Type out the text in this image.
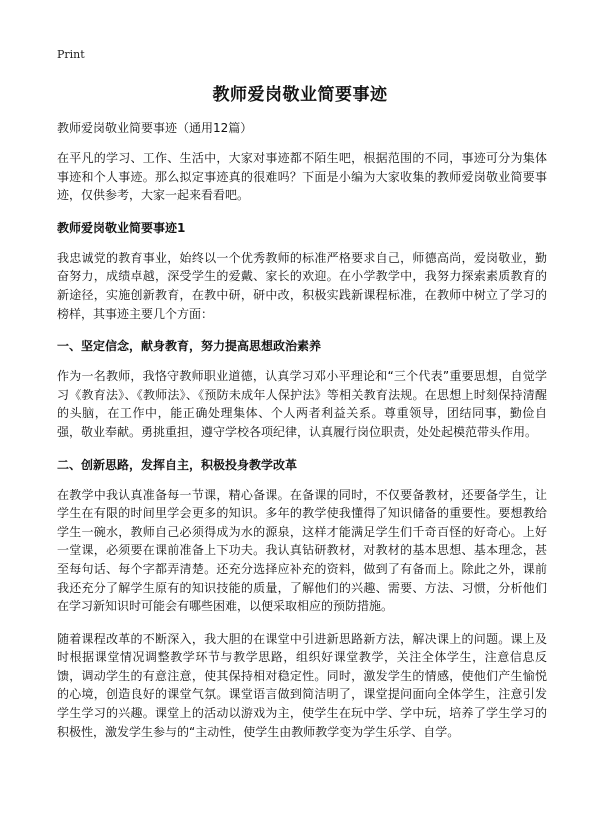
Print
教师爱岗敬业简要事迹

教师爱岗敬业简要事迹（通用12篇）

在平凡的学习、工作、生活中，大家对事迹都不陌生吧，根据范围的不同，事迹可分为集体事迹和个人事迹。那么拟定事迹真的很难吗？下面是小编为大家收集的教师爱岗敬业简要事迹，仅供参考，大家一起来看看吧。

教师爱岗敬业简要事迹1

我忠诚党的教育事业，始终以一个优秀教师的标准严格要求自己，师德高尚，爱岗敬业，勤奋努力，成绩卓越，深受学生的爱戴、家长的欢迎。在小学教学中，我努力探索素质教育的新途径，实施创新教育，在教中研，研中改，积极实践新课程标准，在教师中树立了学习的榜样，其事迹主要几个方面：

一、坚定信念，献身教育，努力提高思想政治素养

作为一名教师，我恪守教师职业道德，认真学习邓小平理论和“三个代表”重要思想，自觉学习《教育法》、《教师法》、《预防未成年人保护法》等相关教育法规。在思想上时刻保持清醒的头脑，在工作中，能正确处理集体、个人两者利益关系。尊重领导，团结同事，勤俭自强，敬业奉献。勇挑重担，遵守学校各项纪律，认真履行岗位职责，处处起模范带头作用。

二、创新思路，发挥自主，积极投身教学改革

在教学中我认真准备每一节课，精心备课。在备课的同时，不仅要备教材，还要备学生，让学生在有限的时间里学会更多的知识。多年的教学使我懂得了知识储备的重要性。要想教给学生一碗水，教师自己必须得成为水的源泉，这样才能满足学生们千奇百怪的好奇心。上好一堂课，必须要在课前准备上下功夫。我认真钻研教材，对教材的基本思想、基本理念，甚至每句话、每个字都弄清楚。还充分选择应补充的资料，做到了有备而上。除此之外，课前我还充分了解学生原有的知识技能的质量，了解他们的兴趣、需要、方法、习惯，分析他们在学习新知识时可能会有哪些困难，以便采取相应的预防措施。

随着课程改革的不断深入，我大胆的在课堂中引进新思路新方法，解决课上的问题。课上及时根据课堂情况调整教学环节与教学思路，组织好课堂教学，关注全体学生，注意信息反馈，调动学生的有意注意，使其保持相对稳定性。同时，激发学生的情感，使他们产生愉悦的心境，创造良好的课堂气氛。课堂语言做到简洁明了，课堂提问面向全体学生，注意引发学生学习的兴趣。课堂上的活动以游戏为主，使学生在玩中学、学中玩，培养了学生学习的积极性，激发学生参与的“主动性，使学生由教师教学变为学生乐学、自学。
